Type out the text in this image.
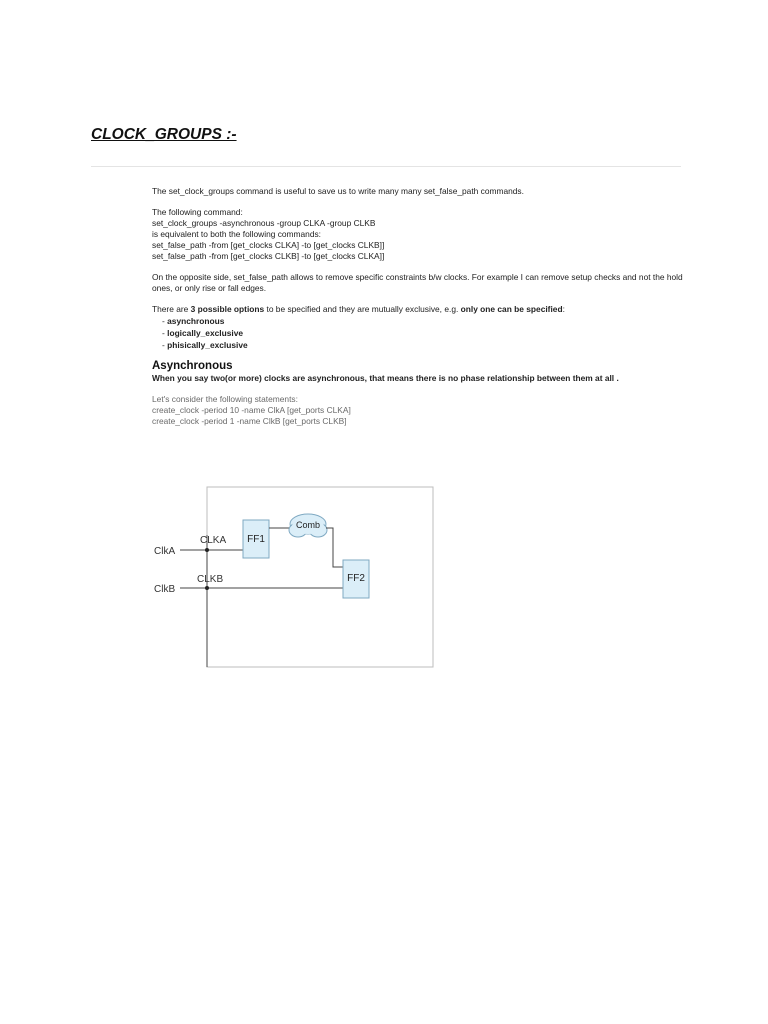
CLOCK_GROUPS :-

The set_clock_groups command is useful to save us to write many many set_false_path commands.

The following command:

set_clock_groups -asynchronous -group CLKA -group CLKB

is equivalent to both the following commands:

set_false_path -from [get_clocks CLKA] -to [get_clocks CLKB]]

set_false_path -from [get_clocks CLKB] -to [get_clocks CLKA]]

On the opposite side, set_false_path allows to remove specific constraints b/w clocks. For example I can remove setup checks and not the hold ones, or only rise or fall edges.

There are 3 possible options to be specified and they are mutually exclusive, e.g. only one can be specified:

- asynchronous
- logically_exclusive
- phisically_exclusive
Asynchronous

When you say two(or more) clocks are asynchronous, that means there is no phase relationship between them at all .

Let's consider the following statements:

create_clock -period 10 -name ClkA [get_ports CLKA]

create_clock -period 1 -name ClkB [get_ports CLKB]

Comb
FF1
FF2
ClkA
ClkB
CLKA
CLKB
